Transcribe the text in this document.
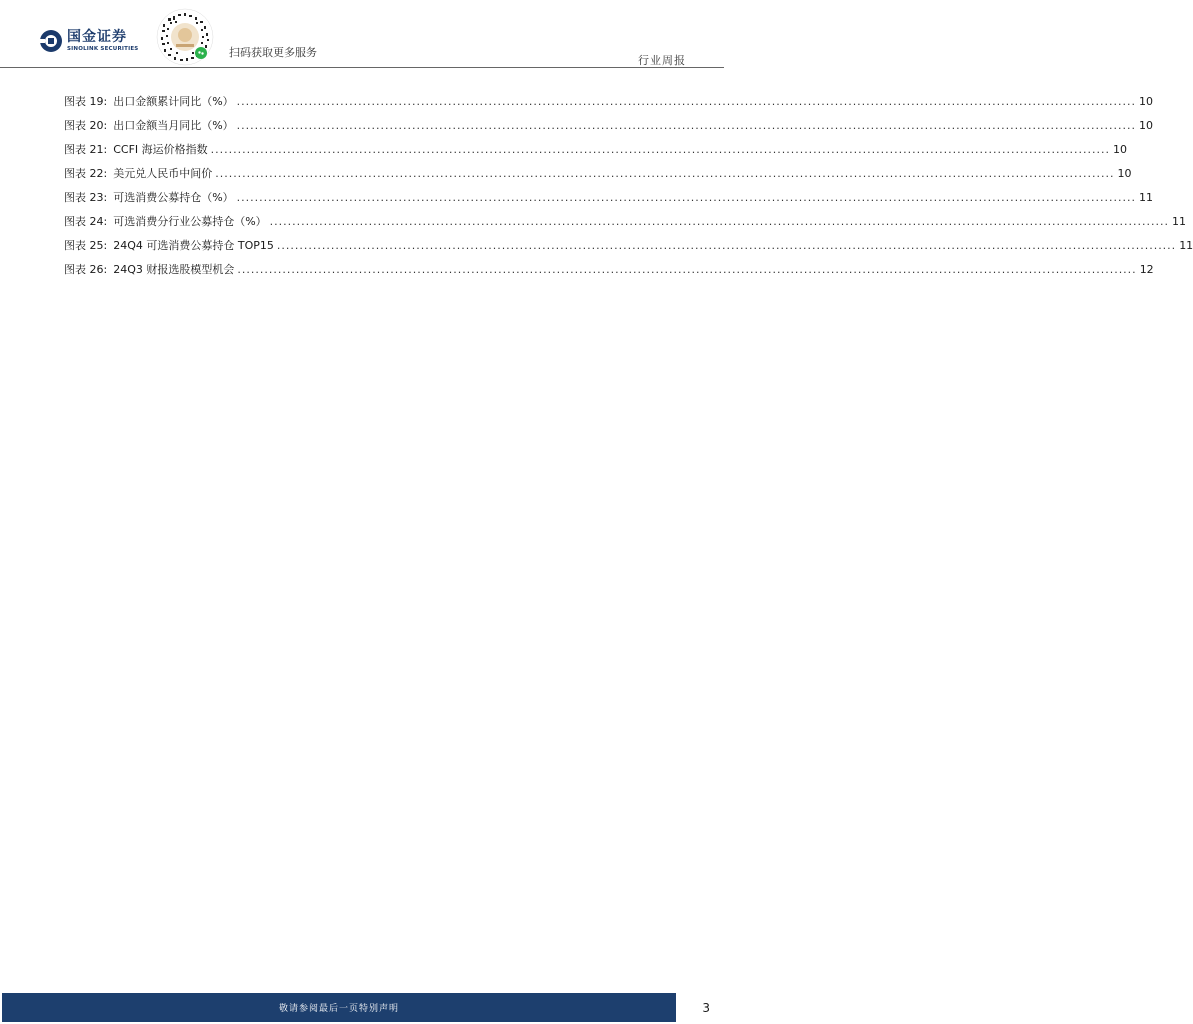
国金证券
SINOLINK SECURITIES	扫码获取更多服务
行业周报
图表 19: 出口金额累计同比（%） ........................................................................................................................................................................................................ 10
图表 20: 出口金额当月同比（%） ........................................................................................................................................................................................................ 10
图表 21: CCFI 海运价格指数 ........................................................................................................................................................................................................ 10
图表 22: 美元兑人民币中间价 ........................................................................................................................................................................................................ 10
图表 23: 可选消费公募持仓（%） ........................................................................................................................................................................................................ 11
图表 24: 可选消费分行业公募持仓（%） ........................................................................................................................................................................................................ 11
图表 25: 24Q4 可选消费公募持仓 TOP15 ........................................................................................................................................................................................................ 11
图表 26: 24Q3 财报选股模型机会 ........................................................................................................................................................................................................ 12
敬请参阅最后一页特别声明	3
